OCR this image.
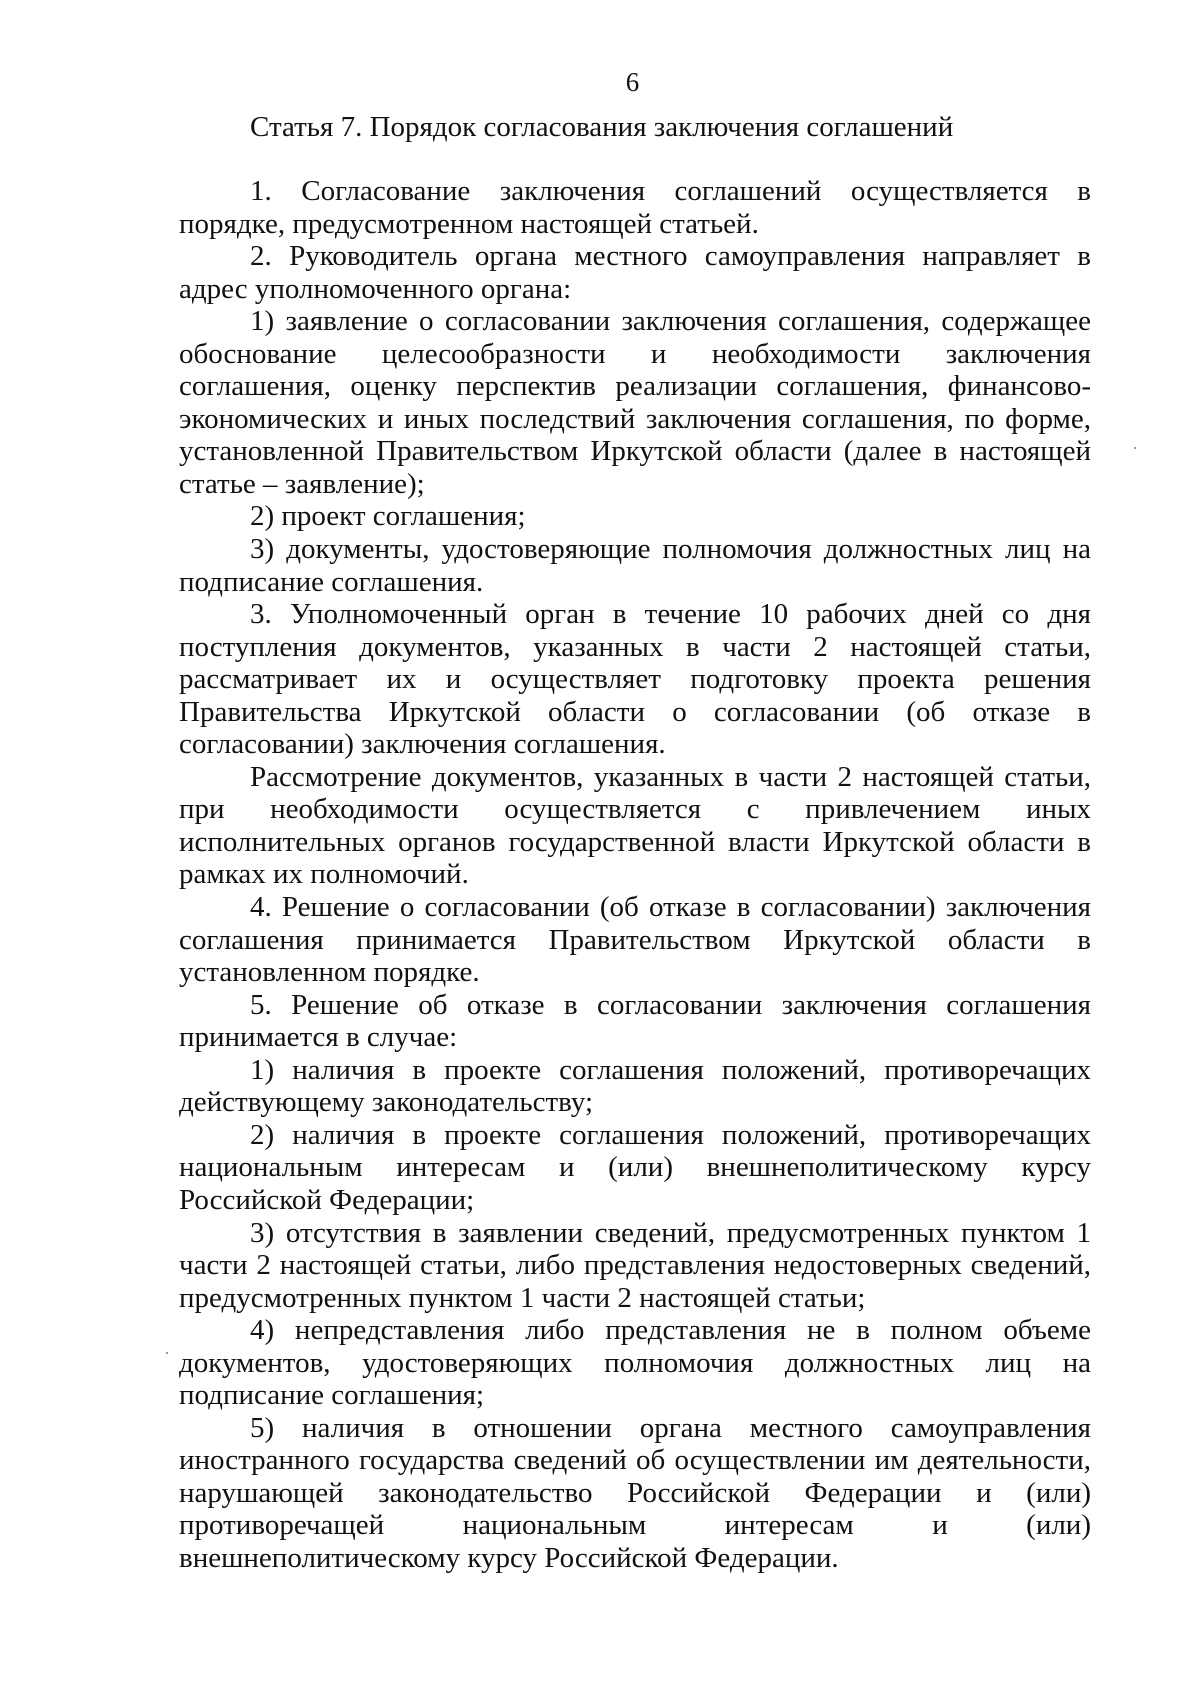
6
Статья 7. Порядок согласования заключения соглашений

1. Согласование заключения соглашений осуществляется в порядке, предусмотренном настоящей статьей.

2. Руководитель органа местного самоуправления направляет в адрес уполномоченного органа:

1) заявление о согласовании заключения соглашения, содержащее обоснование целесообразности и необходимости заключения соглашения, оценку перспектив реализации соглашения, финансово-экономических и иных последствий заключения соглашения, по форме, установленной Правительством Иркутской области (далее в настоящей статье – заявление);

2) проект соглашения;

3) документы, удостоверяющие полномочия должностных лиц на подписание соглашения.

3. Уполномоченный орган в течение 10 рабочих дней со дня поступления документов, указанных в части 2 настоящей статьи, рассматривает их и осуществляет подготовку проекта решения Правительства Иркутской области о согласовании (об отказе в согласовании) заключения соглашения.

Рассмотрение документов, указанных в части 2 настоящей статьи, при необходимости осуществляется с привлечением иных исполнительных органов государственной власти Иркутской области в рамках их полномочий.

4. Решение о согласовании (об отказе в согласовании) заключения соглашения принимается Правительством Иркутской области в установленном порядке.

5. Решение об отказе в согласовании заключения соглашения принимается в случае:

1) наличия в проекте соглашения положений, противоречащих действующему законодательству;

2) наличия в проекте соглашения положений, противоречащих национальным интересам и (или) внешнеполитическому курсу Российской Федерации;

3) отсутствия в заявлении сведений, предусмотренных пунктом 1 части 2 настоящей статьи, либо представления недостоверных сведений, предусмотренных пунктом 1 части 2 настоящей статьи;

4) непредставления либо представления не в полном объеме документов, удостоверяющих полномочия должностных лиц на подписание соглашения;

5) наличия в отношении органа местного самоуправления иностранного государства сведений об осуществлении им деятельности, нарушающей законодательство Российской Федерации и (или) противоречащей национальным интересам и (или) внешнеполитическому курсу Российской Федерации.
